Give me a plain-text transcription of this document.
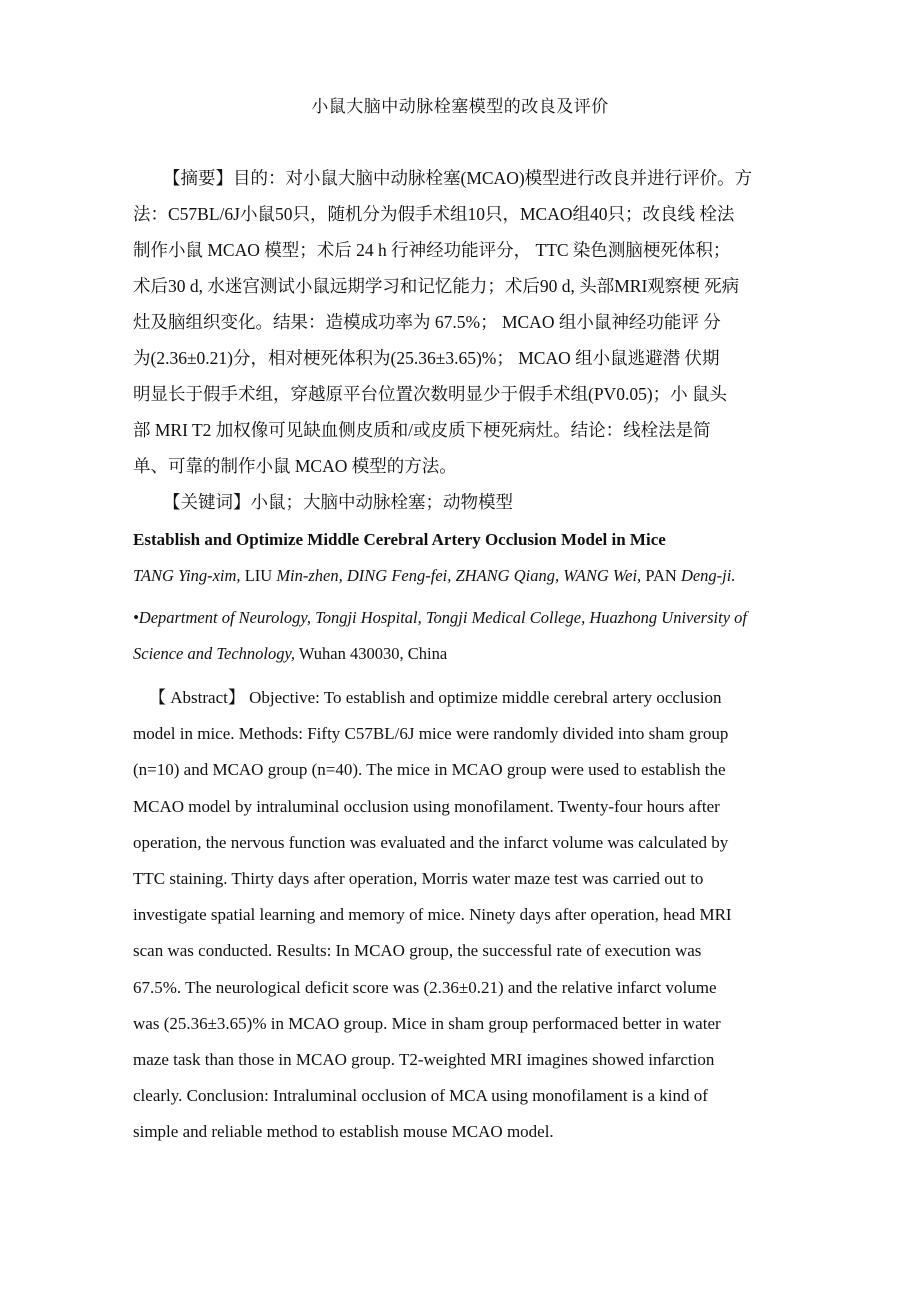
小鼠大脑中动脉栓塞模型的改良及评价
【摘要】目的：对小鼠大脑中动脉栓塞(MCAO)模型进行改良并进行评价。方
法：C57BL/6J小鼠50只，随机分为假手术组10只，MCAO组40只；改良线 栓法
制作小鼠 MCAO 模型；术后 24 h 行神经功能评分， TTC 染色测脑梗死体积；
术后30 d, 水迷宫测试小鼠远期学习和记忆能力；术后90 d, 头部MRI观察梗 死病
灶及脑组织变化。结果：造模成功率为 67.5%； MCAO 组小鼠神经功能评 分
为(2.36±0.21)分，相对梗死体积为(25.36±3.65)%； MCAO 组小鼠逃避潜 伏期
明显长于假手术组，穿越原平台位置次数明显少于假手术组(PV0.05)；小 鼠头
部 MRI T2 加权像可见缺血侧皮质和/或皮质下梗死病灶。结论：线栓法是简
单、可靠的制作小鼠 MCAO 模型的方法。
【关键词】小鼠；大脑中动脉栓塞；动物模型
Establish and Optimize Middle Cerebral Artery Occlusion Model in Mice
TANG Ying-xim, LIU Min-zhen, DING Feng-fei, ZHANG Qiang, WANG Wei, PAN Deng-ji.
•Department of Neurology, Tongji Hospital, Tongji Medical College, Huazhong University of
Science and Technology, Wuhan 430030, China
【 Abstract】 Objective: To establish and optimize middle cerebral artery occlusion
model in mice. Methods: Fifty C57BL/6J mice were randomly divided into sham group
(n=10) and MCAO group (n=40). The mice in MCAO group were used to establish the
MCAO model by intraluminal occlusion using monofilament. Twenty-four hours after
operation, the nervous function was evaluated and the infarct volume was calculated by
TTC staining. Thirty days after operation, Morris water maze test was carried out to
investigate spatial learning and memory of mice. Ninety days after operation, head MRI
scan was conducted. Results: In MCAO group, the successful rate of execution was
67.5%. The neurological deficit score was (2.36±0.21) and the relative infarct volume
was (25.36±3.65)% in MCAO group. Mice in sham group performaced better in water
maze task than those in MCAO group. T2-weighted MRI imagines showed infarction
clearly. Conclusion: Intraluminal occlusion of MCA using monofilament is a kind of
simple and reliable method to establish mouse MCAO model.
